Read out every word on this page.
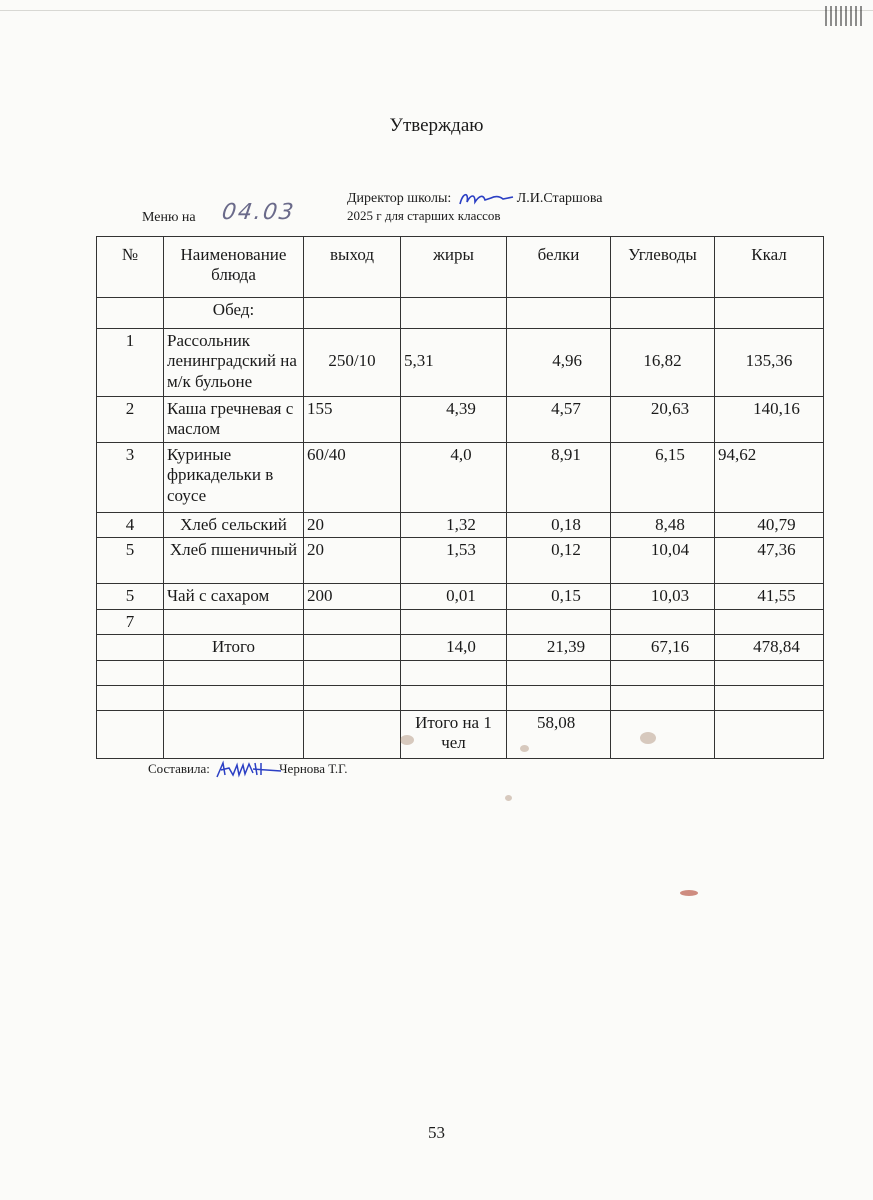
Утверждаю
Директор школы:	Л.И.Старшова
2025 г для старших классов
Меню на 04.03
№	Наименование блюда	выход	жиры	белки	Углеводы	Ккал
	Обед:					
1	Рассольник ленинградский на м/к бульоне	250/10	5,31	4,96	16,82	135,36
2	Каша гречневая с маслом	155	4,39	4,57	20,63	140,16
3	Куриные фрикадельки в соусе	60/40	4,0	8,91	6,15	94,62
4	Хлеб сельский	20	1,32	0,18	8,48	40,79
5	Хлеб пшеничный	20	1,53	0,12	10,04	47,36
5	Чай с сахаром	200	0,01	0,15	10,03	41,55
7						
	Итого		14,0	21,39	67,16	478,84

			Итого на 1 чел	58,08		
Составила:	Чернова Т.Г.
53
